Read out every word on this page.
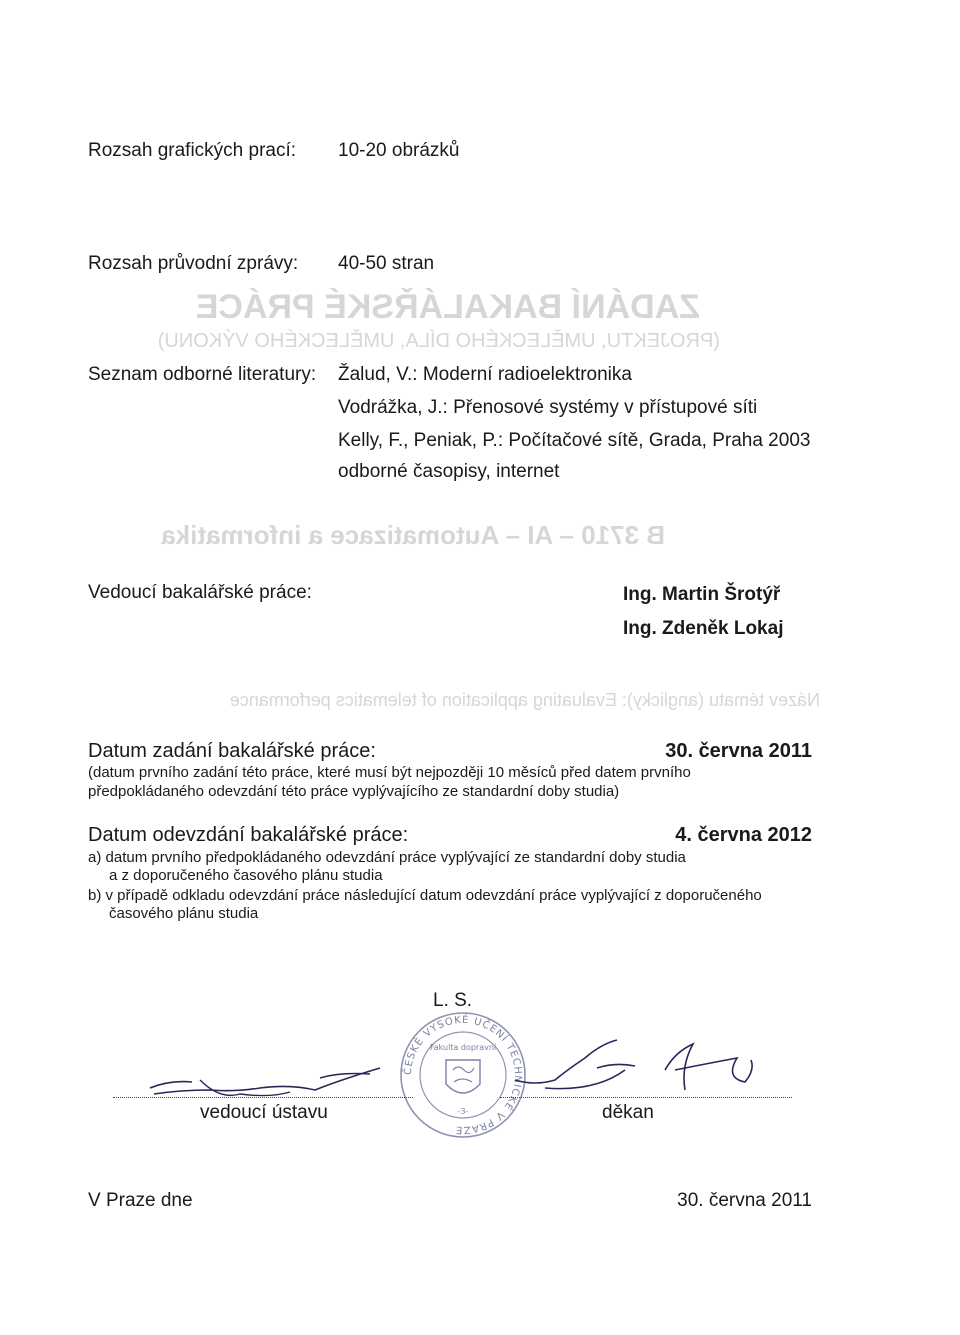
ZADÁNÍ BAKALÁŘSKÉ PRÁCE
(PROJEKTU, UMĚLECKÉHO DÍLA, UMĚLECKÉHO VÝKONU)
B 3710 – AI – Automatizace a informatika
Název tématu (anglicky): Evaluating application of telematics performance
Rozsah grafických prací: 10-20 obrázků
Rozsah průvodní zprávy: 40-50 stran
Seznam odborné literatury: Žalud, V.: Moderní radioelektronika
Vodrážka, J.: Přenosové systémy v přístupové síti
Kelly, F., Peniak, P.: Počítačové sítě, Grada, Praha 2003
odborné časopisy, internet
Vedoucí bakalářské práce:	Ing. Martin Šrotýř
Ing. Zdeněk Lokaj
Datum zadání bakalářské práce:	30. června 2011
(datum prvního zadání této práce, které musí být nejpozději 10 měsíců před datem prvního
předpokládaného odevzdání této práce vyplývajícího ze standardní doby studia)
Datum odevzdání bakalářské práce:	4. června 2012
a) datum prvního předpokládaného odevzdání práce vyplývající ze standardní doby studia
a z doporučeného časového plánu studia
b) v případě odkladu odevzdání práce následující datum odevzdání práce vyplývající z doporučeného
časového plánu studia
L. S.
ČESKÉ VYSOKÉ UČENÍ TECHNICKÉ V PRAZE
Fakulta dopravní
-3-
vedoucí ústavu	děkan
V Praze dne	30. června 2011
